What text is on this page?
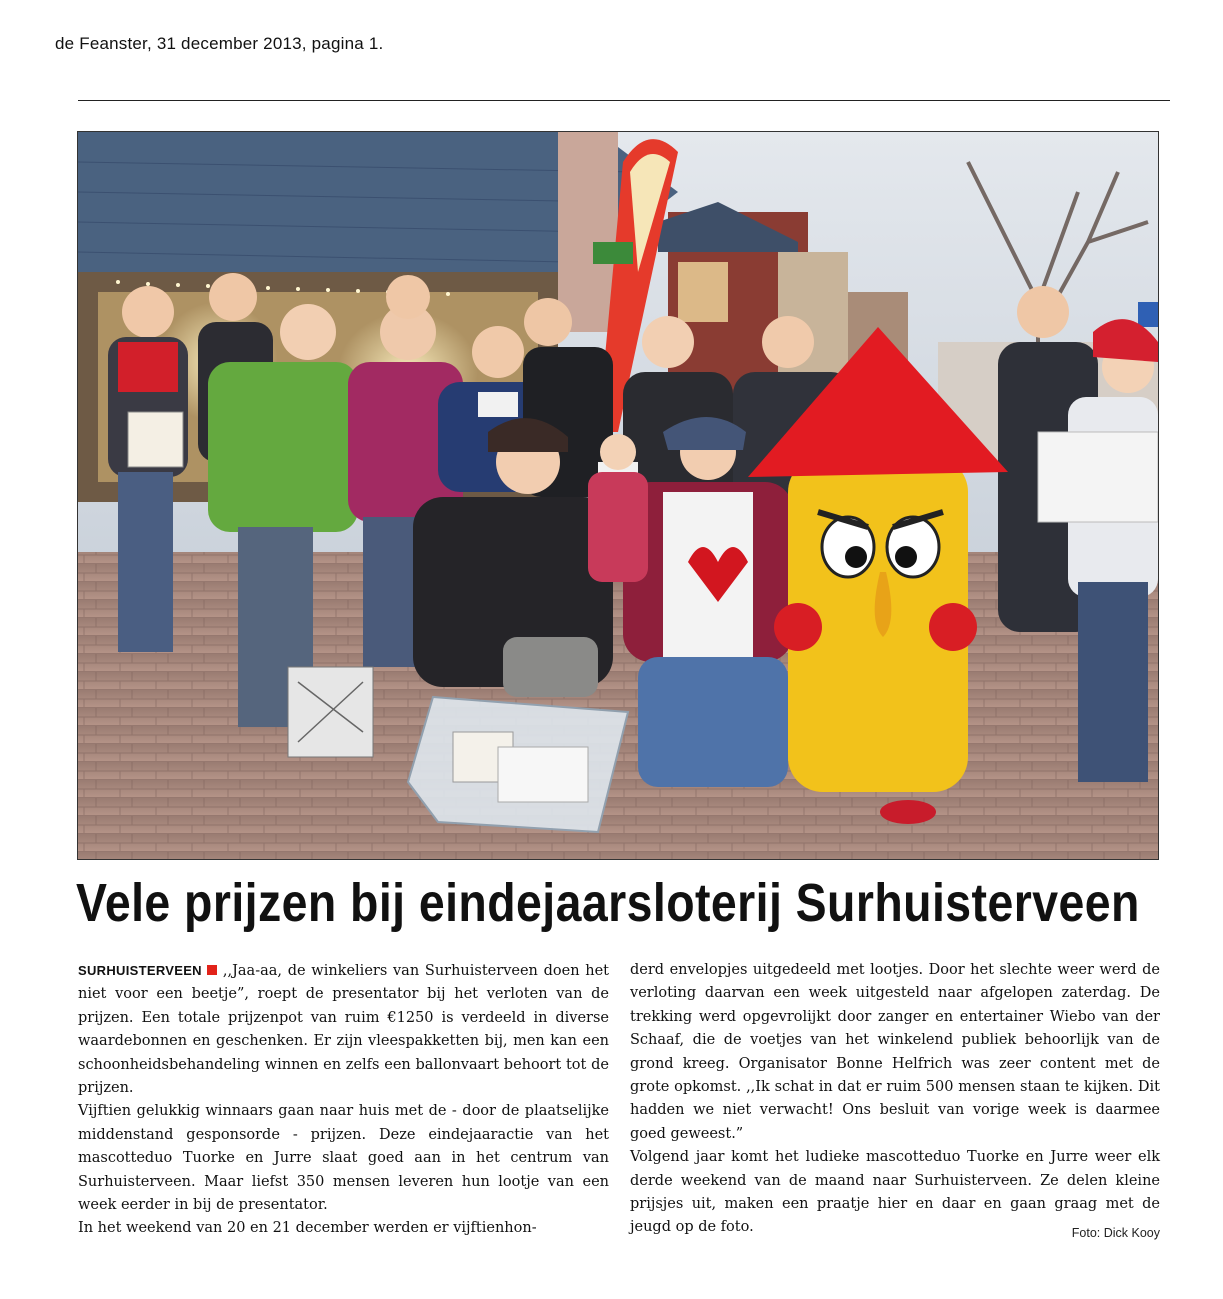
de Feanster, 31 december 2013, pagina 1.
Vele prijzen bij eindejaarsloterij Surhuisterveen

SURHUISTERVEEN ,,Jaa-aa, de winkeliers van Surhuisterveen doen het niet voor een beetje”, roept de presentator bij het verloten van de prijzen. Een totale prijzenpot van ruim €1250 is verdeeld in diverse waardebonnen en geschenken. Er zijn vleespakketten bij, men kan een schoonheidsbehandeling winnen en zelfs een ballonvaart behoort tot de prijzen.

Vijftien gelukkig winnaars gaan naar huis met de - door de plaatselijke middenstand gesponsorde - prijzen. Deze eindejaaractie van het mascotteduo Tuorke en Jurre slaat goed aan in het centrum van Surhuisterveen. Maar liefst 350 mensen leveren hun lootje van een week eerder in bij de presentator.

In het weekend van 20 en 21 december werden er vijftienhon-

derd envelopjes uitgedeeld met lootjes. Door het slechte weer werd de verloting daarvan een week uitgesteld naar afgelopen zaterdag. De trekking werd opgevrolijkt door zanger en entertainer Wiebo van der Schaaf, die de voetjes van het winkelend publiek behoorlijk van de grond kreeg. Organisator Bonne Helfrich was zeer content met de grote opkomst. ,,Ik schat in dat er ruim 500 mensen staan te kijken. Dit hadden we niet verwacht! Ons besluit van vorige week is daarmee goed geweest.”

Volgend jaar komt het ludieke mascotteduo Tuorke en Jurre weer elk derde weekend van de maand naar Surhuisterveen. Ze delen kleine prijsjes uit, maken een praatje hier en daar en gaan graag met de jeugd op de foto.	Foto: Dick Kooy
